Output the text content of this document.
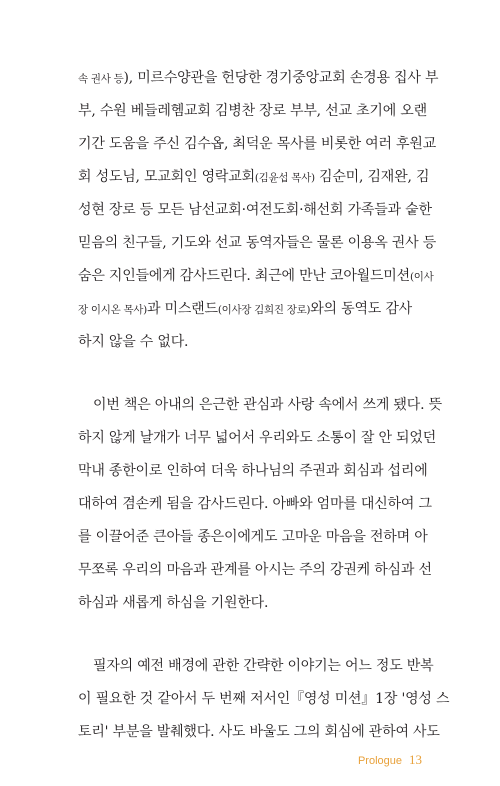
속 권사 등), 미르수양관을 헌당한 경기중앙교회 손경용 집사 부
부, 수원 베들레헴교회 김병찬 장로 부부, 선교 초기에 오랜
기간 도움을 주신 김수옵, 최덕운 목사를 비롯한 여러 후원교
회 성도님, 모교회인 영락교회(김윤섭 목사) 김순미, 김재완, 김
성현 장로 등 모든 남선교회·여전도회·해선회 가족들과 숱한
믿음의 친구들, 기도와 선교 동역자들은 물론 이용옥 권사 등
숨은 지인들에게 감사드린다. 최근에 만난 코아월드미션(이사
장 이시온 목사)과 미스랜드(이사장 김희진 장로)와의 동역도 감사
하지 않을 수 없다.
이번 책은 아내의 은근한 관심과 사랑 속에서 쓰게 됐다. 뜻
하지 않게 날개가 너무 넓어서 우리와도 소통이 잘 안 되었던
막내 종한이로 인하여 더욱 하나님의 주권과 회심과 섭리에
대하여 겸손케 됨을 감사드린다. 아빠와 엄마를 대신하여 그
를 이끌어준 큰아들 종은이에게도 고마운 마음을 전하며 아
무쪼록 우리의 마음과 관계를 아시는 주의 강권케 하심과 선
하심과 새롭게 하심을 기원한다.
필자의 예전 배경에 관한 간략한 이야기는 어느 정도 반복
이 필요한 것 같아서 두 번째 저서인『영성 미션』1장 '영성 스
토리' 부분을 발췌했다. 사도 바울도 그의 회심에 관하여 사도
Prologue 13
